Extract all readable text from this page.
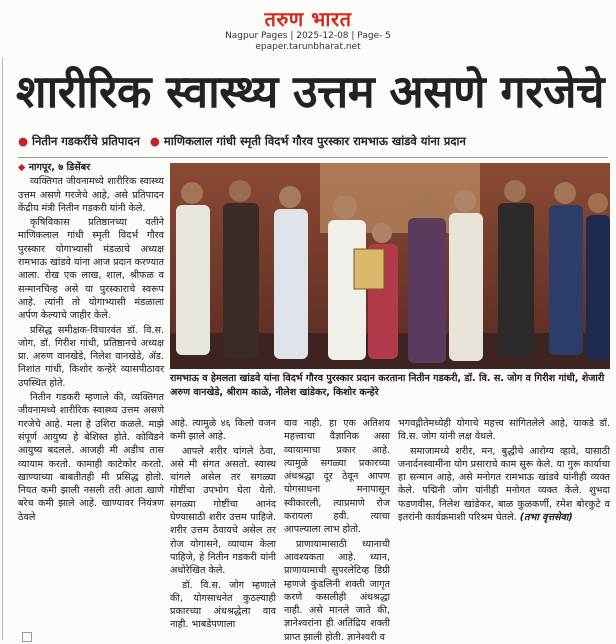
तरुण भारत
Nagpur Pages | 2025-12-08 | Page- 5
epaper.tarunbharat.net
शारीरिक स्वास्थ्य उत्तम असणे गरजेचे
● नितीन गडकरींचे प्रतिपादन ● माणिकलाल गांधी स्मृती विदर्भ गौरव पुरस्कार रामभाऊ खांडवे यांना प्रदान

◆ नागपूर, ७ डिसेंबर

व्यक्तिगत जीवनामध्ये शारीरिक स्वास्थ्य उत्तम असणे गरजेचे आहे, असे प्रतिपादन केंद्रीय मंत्री नितीन गडकरी यांनी केले.

कृषिविकास प्रतिष्ठानच्या वतीने माणिकलाल गांधी स्मृती विदर्भ गौरव पुरस्कार योगाभ्यासी मंडळाचे अध्यक्ष रामभाऊ खांडवे यांना आज प्रदान करण्यात आला. रोख एक लाख, शाल, श्रीफळ व सन्मानचिन्ह असे या पुरस्काराचे स्वरूप आहे. त्यांनी तो योगाभ्यासी मंडळाला अर्पण केल्याचे जाहीर केले.

प्रसिद्ध समीक्षक-विचारवंत डॉ. वि.स. जोग, डॉ. गिरीश गांधी, प्रतिष्ठानचे अध्यक्ष प्रा. अरुण वानखेडे, निलेश वानखेडे, ॲड. निशांत गांधी, किशोर कन्हेरे व्यासपीठावर उपस्थित होते.

नितीन गडकरी म्हणाले की, व्यक्तिगत जीवनामध्ये शारीरिक स्वास्थ्य उत्तम असणे गरजेचे आहे. मला हे उशिरा कळले. माझे संपूर्ण आयुष्य हे बेशिस्त होते. कोविडने आयुष्य बदलले. आजही मी अडीच तास व्यायाम करतो. कामाही काटेकोर करतो. खाण्याच्या बाबतीतही मी प्रसिद्ध होतो. नियत कमी झाली नसली तरी आता खाणे बरेच कमी झाले आहे. खाण्यावर नियंत्रण ठेवले

रामभाऊ व हेमलता खांडवे यांना विदर्भ गौरव पुरस्कार प्रदान करताना नितीन गडकरी, डॉ. वि. स. जोग व गिरीश गांधी, शेजारी अरुण वानखेडे, श्रीराम काळे, नीलेश खांडेकर, किशोर कन्हेरे

आहे. त्यामुळे ४६ किलो वजन कमी झाले आहे.

आपले शरीर चांगले ठेवा, असे मी संगत असतो. स्वास्थ चांगले असेल तर सगळ्या गोष्टींचा उपभोग घेता येतो. सगळ्या गोष्टींचा आनंद घेण्यासाठी शरीर उत्तम पाहिजे. शरीर उत्तम ठेवायचे असेल तर रोज योगासने, व्यायाम केला पाहिजे, हे नितीन गडकरी यांनी अधोरेखित केले.

डॉ. वि.स. जोग म्हणाले की, योगसाधनेत कुठल्याही प्रकारच्या अंधश्रद्धेला वाव नाही. भाबडेपणाला

वाव नाही. हा एक अतिशय महत्त्वाचा वैज्ञानिक असा व्यायामाचा प्रकार आहे. त्यामुळे सगळ्या प्रकारच्या अंधश्रद्धा दूर ठेवून आपण योगसाधना मनापासून स्वीकारली, त्याप्रमाणे रोज करायला हवी. त्याचा आपल्याला लाभ होतो.

प्राणायामासाठी ध्यानाची आवश्यकता आहे. ध्यान, प्राणायामाची सुपरलेटिव्ह डिग्री म्हणजे कुंडलिनी शक्ती जागृत करणे कसलीही अंधश्रद्धा नाही. असे मानले जाते की, ज्ञानेश्वरांना ही अतिंद्रिय शक्ती प्राप्त झाली होती. ज्ञानेश्वरी व

भगवद्गीतेमध्येही योगाचे महत्त्व सांगितलेले आहे, याकडे डॉ. वि.स. जोग यांनी लक्ष वेधले.

समाजामध्ये शरीर, मन, बुद्धीचे आरोग्य व्हावे, यासाठी जनार्दनस्वामींना योग प्रसाराचे काम सुरू केले. या गुरू कार्याचा हा सन्मान आहे, असे मनोगत रामभाऊ खांडवे यांनीही व्यक्त केले. पद्मिनी जोग यांनीही मनोगत व्यक्त केले. शुभदा फडणवीस, निलेश खांडेकर, बाळ कुळकर्णी, रमेश बोरकुटे व इतरांनी कार्यक्रमाशी परिश्रम घेतले. (तभा वृत्तसेवा)
